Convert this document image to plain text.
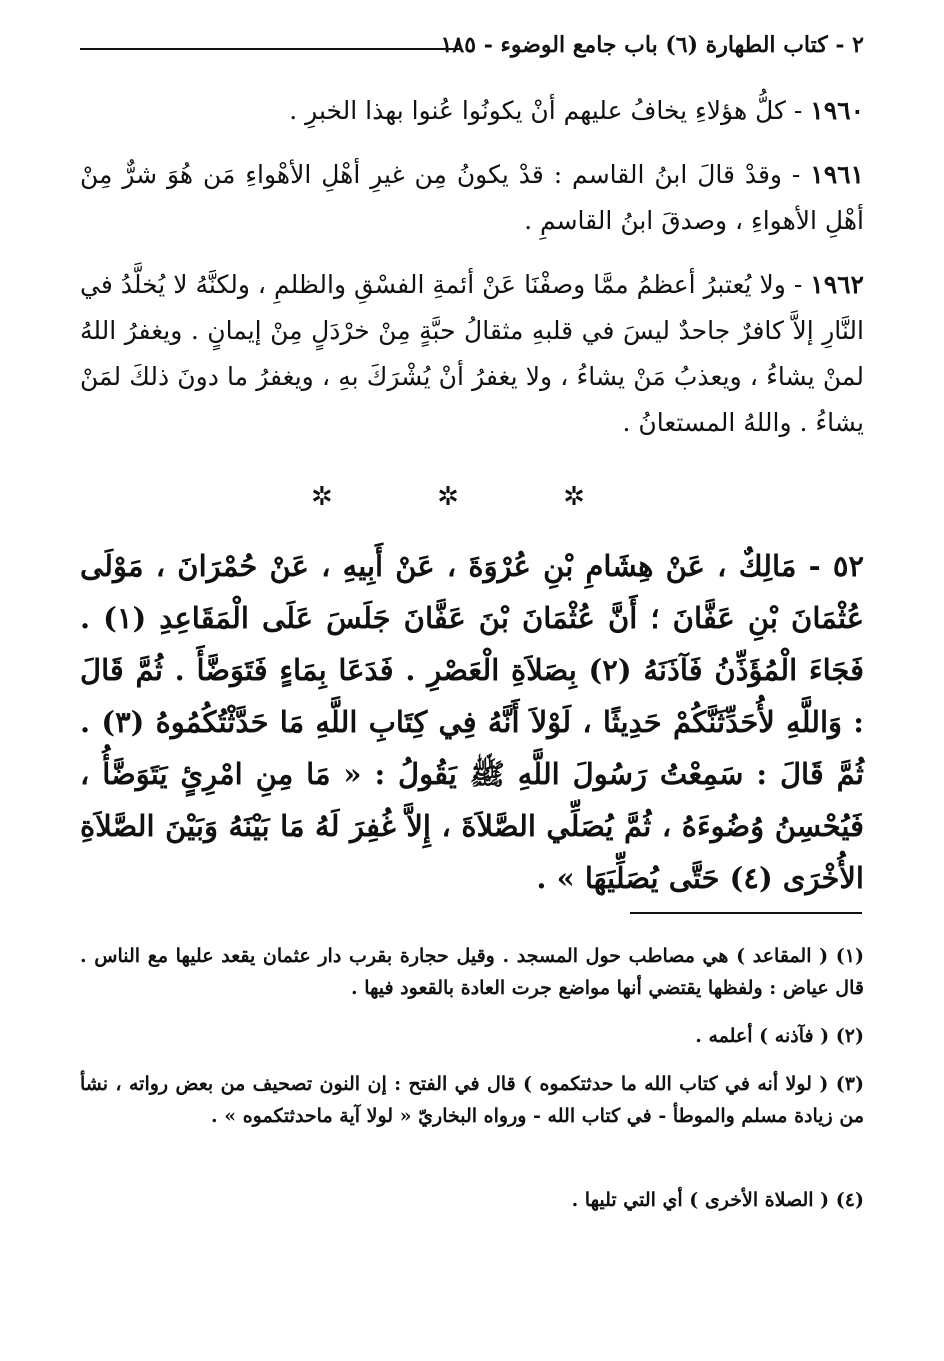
٢ - كتاب الطهارة (٦) باب جامع الوضوء - ١٨٥
١٩٦٠ - كلُّ هؤلاءِ يخافُ عليهم أنْ يكونُوا عُنوا بهذا الخبرِ .
١٩٦١ - وقدْ قالَ ابنُ القاسم : قدْ يكونُ مِن غيرِ أهْلِ الأهْواءِ مَن هُوَ شرٌّ مِنْ أهْلِ الأهواءِ ، وصدقَ ابنُ القاسمِ .
١٩٦٢ - ولا يُعتبرُ أعظمُ ممَّا وصفْنَا عَنْ أئمةِ الفسْقِ والظلمِ ، ولكنَّهُ لا يُخلَّدُ في النَّارِ إلاَّ كافرٌ جاحدٌ ليسَ في قلبهِ مثقالُ حبَّةٍ مِنْ خرْدَلٍ مِنْ إيمانٍ . ويغفرُ اللهُ لمنْ يشاءُ ، ويعذبُ مَنْ يشاءُ ، ولا يغفرُ أنْ يُشْرَكَ بهِ ، ويغفرُ ما دونَ ذلكَ لمَنْ يشاءُ . واللهُ المستعانُ .
✲ ✲ ✲
٥٢ - مَالِكٌ ، عَنْ هِشَامِ بْنِ عُرْوَةَ ، عَنْ أَبِيهِ ، عَنْ حُمْرَانَ ، مَوْلَى عُثْمَانَ بْنِ عَفَّانَ ؛ أَنَّ عُثْمَانَ بْنَ عَفَّانَ جَلَسَ عَلَى الْمَقَاعِدِ (١) . فَجَاءَ الْمُؤَذِّنُ فَآذَنَهُ (٢) بِصَلاَةِ الْعَصْرِ . فَدَعَا بِمَاءٍ فَتَوَضَّأَ . ثُمَّ قَالَ : وَاللَّهِ لأُحَدِّثَنَّكُمْ حَدِيثًا ، لَوْلاَ أَنَّهُ فِي كِتَابِ اللَّهِ مَا حَدَّثْتُكُمُوهُ (٣) . ثُمَّ قَالَ : سَمِعْتُ رَسُولَ اللَّهِ ﷺ يَقُولُ : « مَا مِنِ امْرِئٍ يَتَوَضَّأُ ، فَيُحْسِنُ وُضُوءَهُ ، ثُمَّ يُصَلِّي الصَّلاَةَ ، إِلاَّ غُفِرَ لَهُ مَا بَيْنَهُ وَبَيْنَ الصَّلاَةِ الأُخْرَى (٤) حَتَّى يُصَلِّيَهَا » .
(١) ( المقاعد ) هي مصاطب حول المسجد . وقيل حجارة بقرب دار عثمان يقعد عليها مع الناس . قال عياض : ولفظها يقتضي أنها مواضع جرت العادة بالقعود فيها .
(٢) ( فآذنه ) أعلمه .
(٣) ( لولا أنه في كتاب الله ما حدثتكموه ) قال في الفتح : إن النون تصحيف من بعض رواته ، نشأ من زيادة مسلم والموطأ - في كتاب الله - ورواه البخاريّ « لولا آية ماحدثتكموه » .
(٤) ( الصلاة الأخرى ) أي التي تليها .
